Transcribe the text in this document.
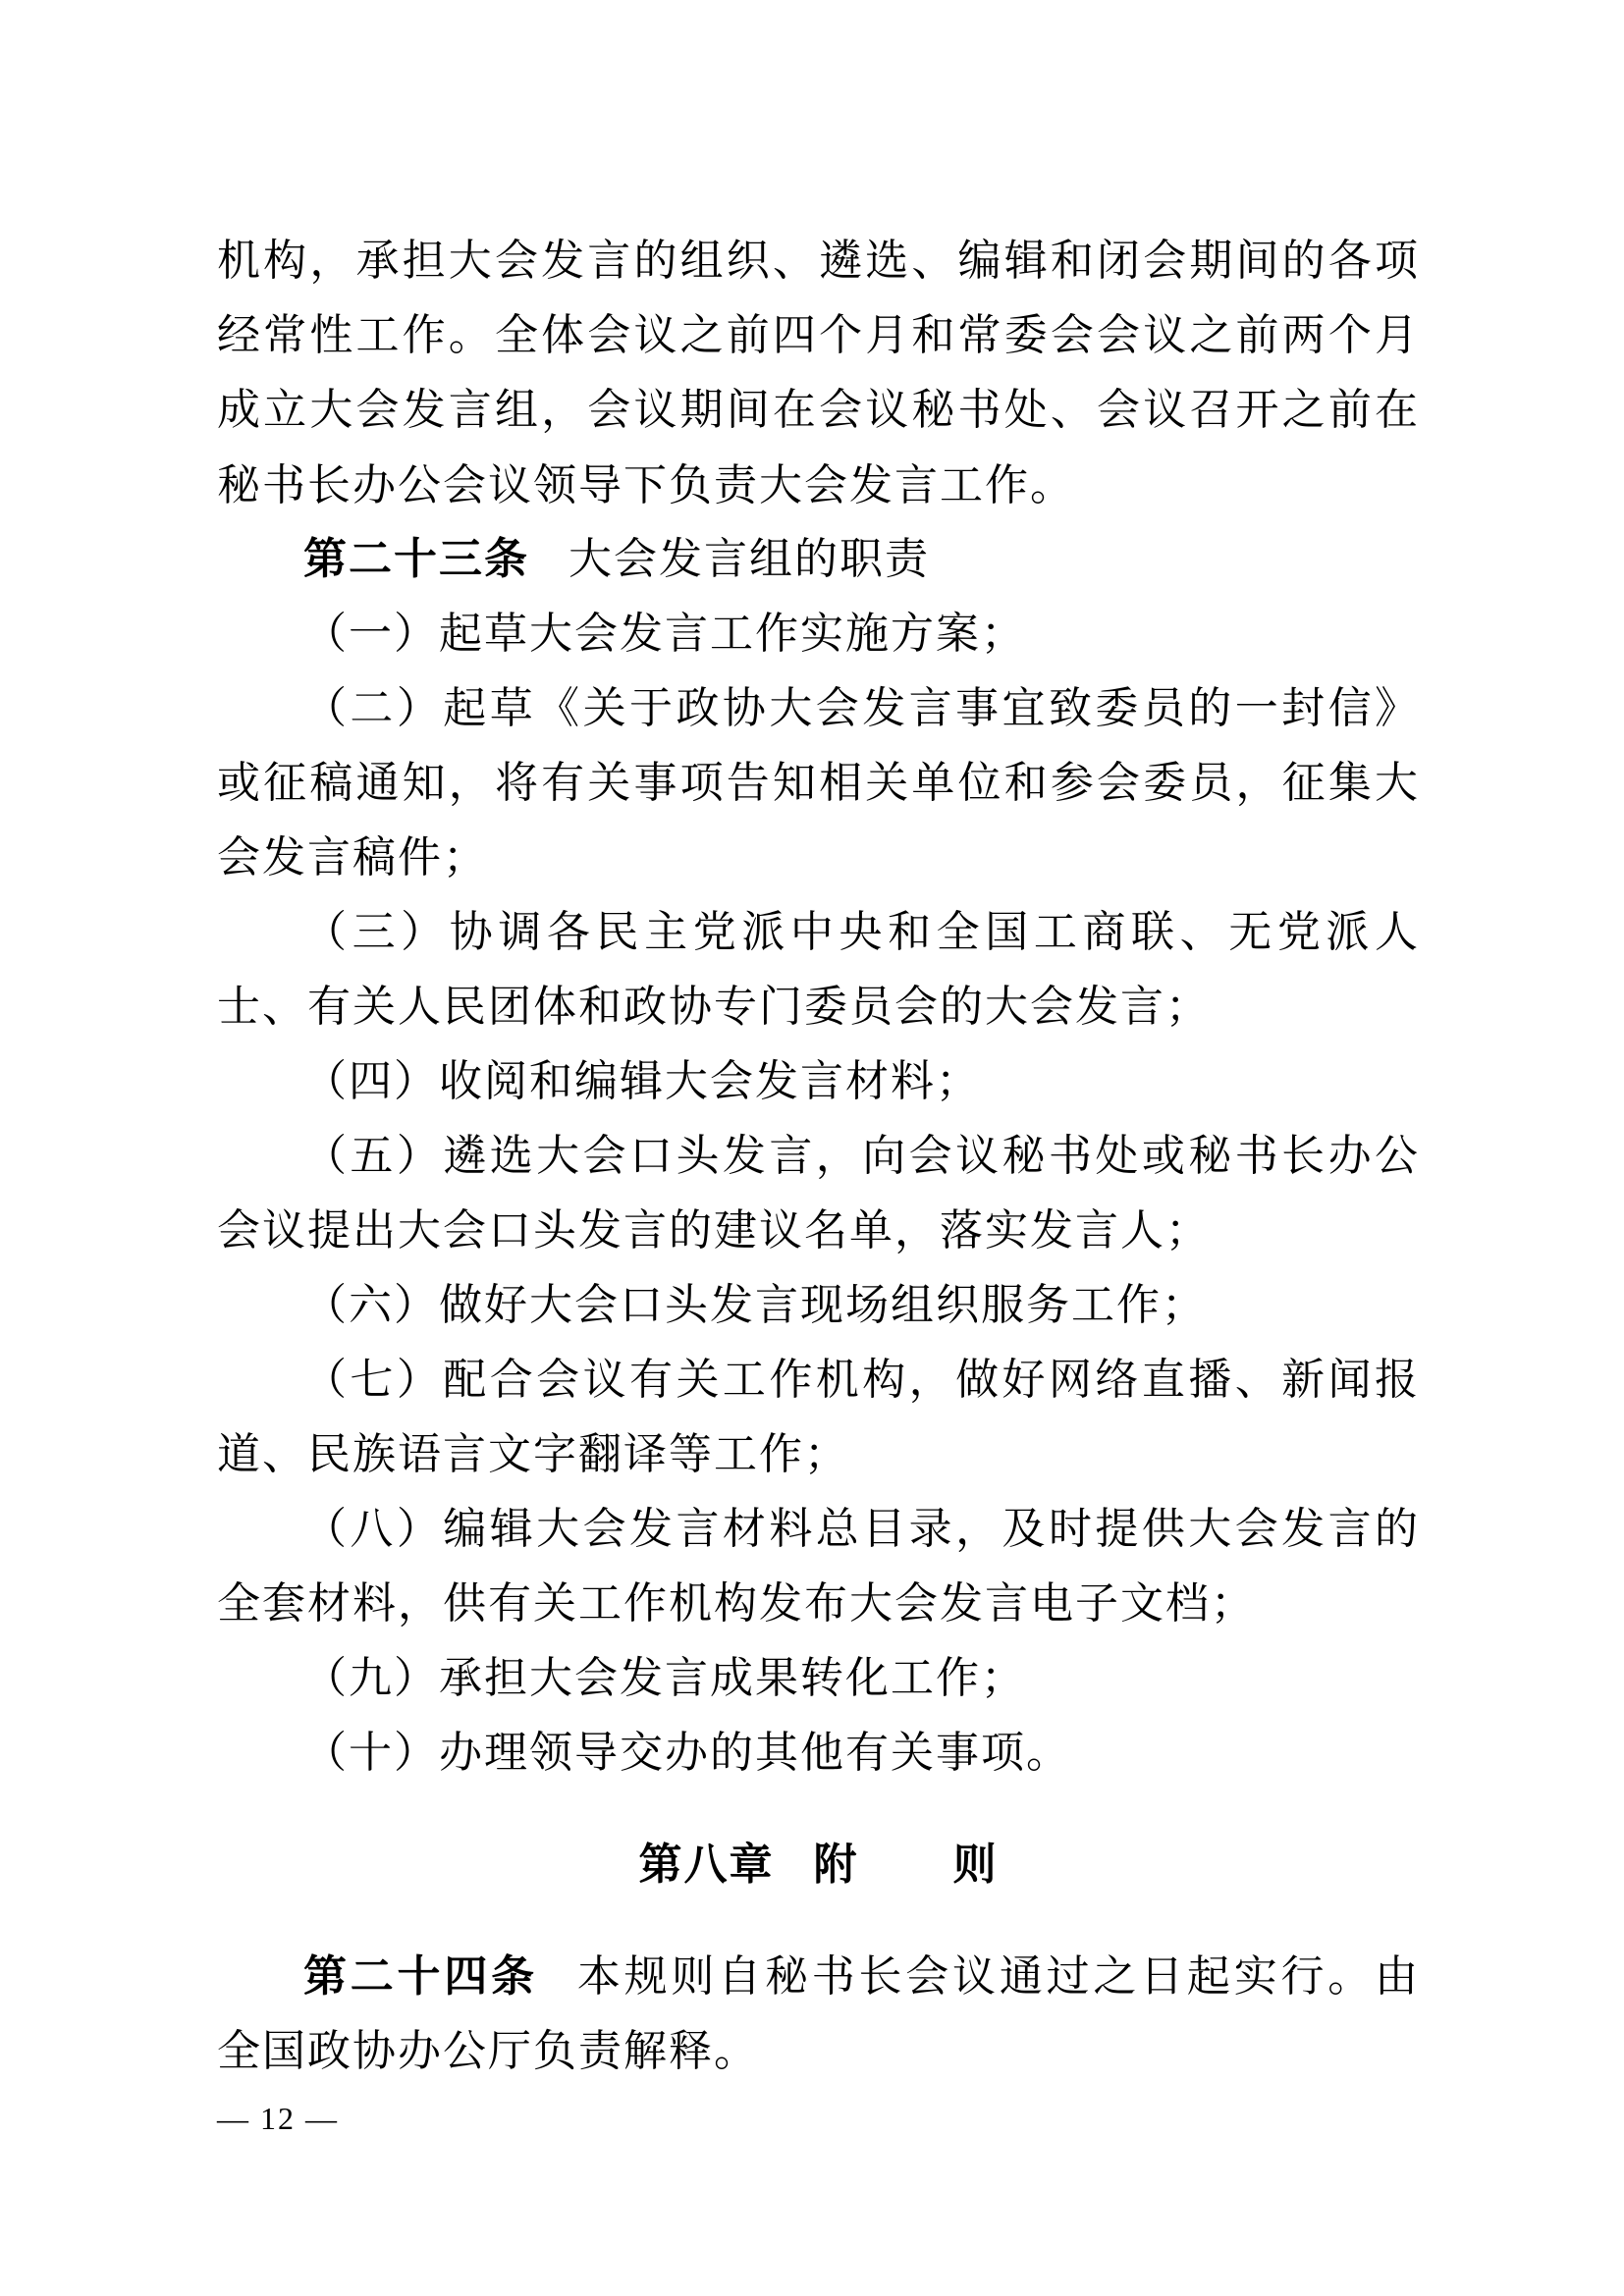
机构，承担大会发言的组织、遴选、编辑和闭会期间的各项经常性工作。全体会议之前四个月和常委会会议之前两个月成立大会发言组，会议期间在会议秘书处、会议召开之前在秘书长办公会议领导下负责大会发言工作。

第二十三条 大会发言组的职责

（一）起草大会发言工作实施方案；

（二）起草《关于政协大会发言事宜致委员的一封信》或征稿通知，将有关事项告知相关单位和参会委员，征集大会发言稿件；

（三）协调各民主党派中央和全国工商联、无党派人士、有关人民团体和政协专门委员会的大会发言；

（四）收阅和编辑大会发言材料；

（五）遴选大会口头发言，向会议秘书处或秘书长办公会议提出大会口头发言的建议名单，落实发言人；

（六）做好大会口头发言现场组织服务工作；

（七）配合会议有关工作机构，做好网络直播、新闻报道、民族语言文字翻译等工作；

（八）编辑大会发言材料总目录，及时提供大会发言的全套材料，供有关工作机构发布大会发言电子文档；

（九）承担大会发言成果转化工作；

（十）办理领导交办的其他有关事项。

第八章 附 则

第二十四条 本规则自秘书长会议通过之日起实行。由全国政协办公厅负责解释。

— 12 —
